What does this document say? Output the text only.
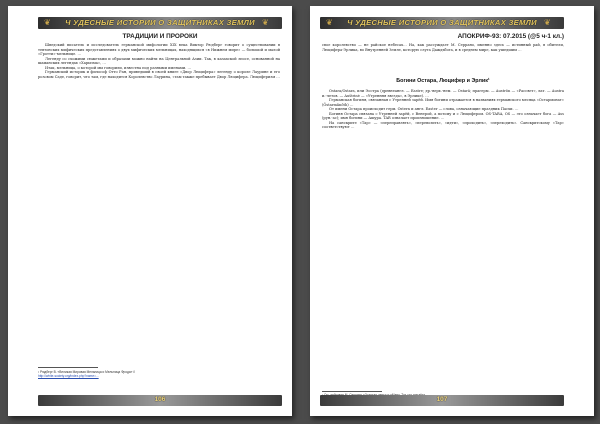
❦	Ч УДЕСНЫЕ ИСТОРИИ О ЗАЩИТНИКАХ ЗЕМЛИ ❦
ТРАДИЦИИ И ПРОРОКИ

Шведский писатель и исследователь германской мифологии XIX века Виктор Рюдберг говорит о существовании в тевтонских мифических представлениях о двух мифических мельницах, находящихся «в Нижнем мире» — большой и малой «Гротти»-мельнице. …

Легенду со схожими сюжетами и образами можно найти на Центральной Азии. Так, в казахской эпосе, основанной на шаманских легендах «Харызма», …

Итак, мельница, о которой мы говорили, известна под разными именами. …

Германский историк и философ Отто Ран, приведший в своей книге «Двор Люцифера» легенду о короле Лаурине и его розовом Саде, говорит, что там, где находится Королевство Лаурина, «там также пребывает Двор Люцифера. Люциферизм …

¹ Рюдберг В. «Великая Мировая Мельница и Мельница Фрода» //
http://white-society.org/index.php?name=...
106
❦	Ч УДЕСНЫЕ ИСТОРИИ О ЗАЩИТНИКАХ ЗЕМЛИ ❦
АПОКРИФ-93: 07.2015 (@5 ч-1 кл.)

свое королевство — не райское небесах… На, как рассуждает М. Серрано, именно здесь — истинный рай, в обители, Люцифера-Эрлика, во Внутренней Земле, которую слуга Даждьбога, и в среднем мире, как ушедшим …

Богини Остара, Люцифер и Эрлик¹

Ostara/Ostara, или Эостра (древнеангл. — Ēastre; др.-верх.-нем. — Ôstarā; прагерм. — Austrōn — «Рассвет», лат. — Austra и.-летов. — Auštrinė — «Утренняя звезда», в Эрлике). …

Германская богиня, связанная с Утренней зарёй. Имя богини отражается в названиях германского месяца «Остармонат» (Ôstarmânôth) …

От имени Остара происходит герм. Ostern и англ. Easter — слова, означающие праздник Пасхи. …

Богиня Остара связана с Утренней зарёй, с Венерой, а потому и с Люцифером. OS-TARA, OS — это означает бога — Ass (рун.-ас); имя богини — Ашура. TAR означает произношение. …

На санскрите «Тар» — «переправлять», «перевозить», «идти», «проходить», «переходить». Санскритскому «Тар» соответствуют …

107
